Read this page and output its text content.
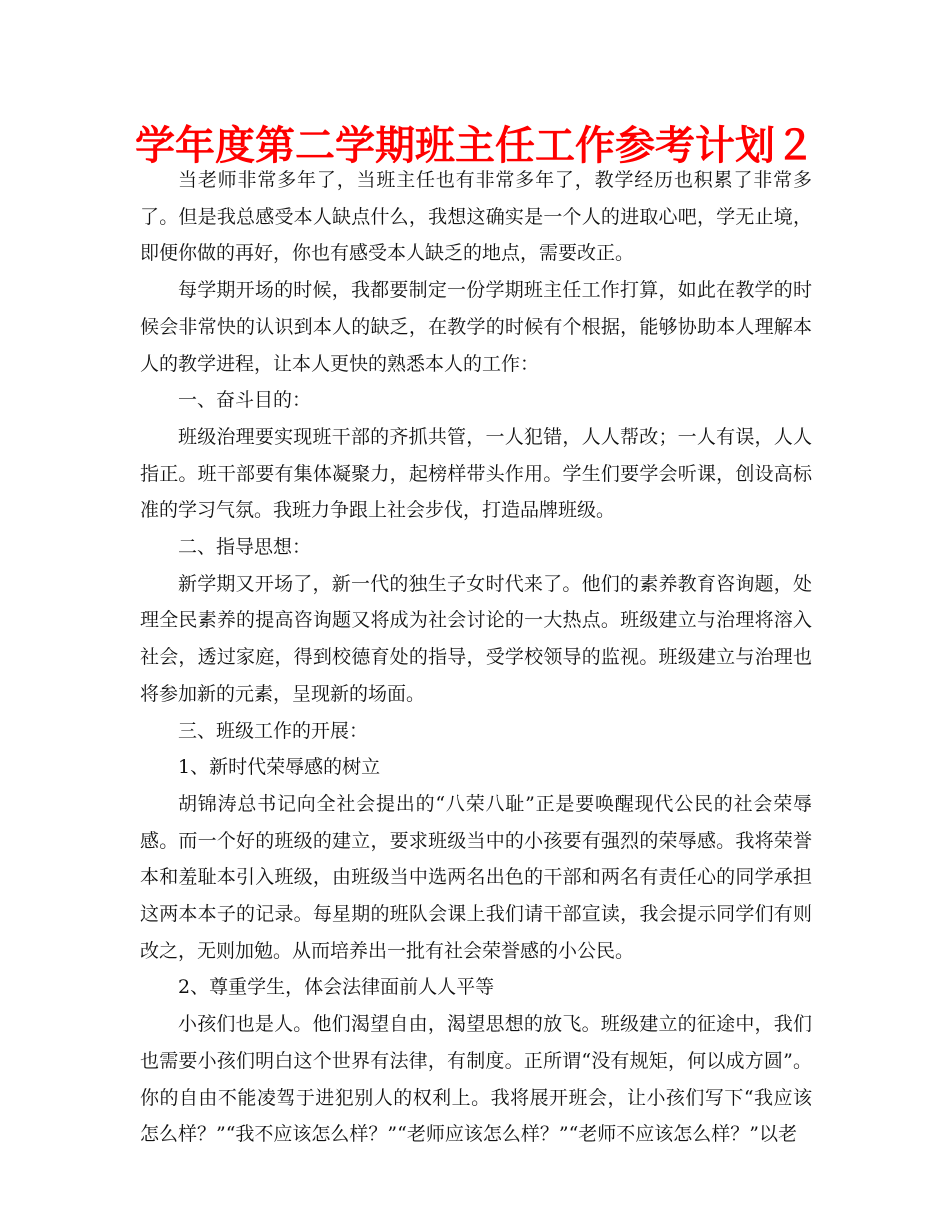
学年度第二学期班主任工作参考计划２

当老师非常多年了，当班主任也有非常多年了，教学经历也积累了非常多了。但是我总感受本人缺点什么，我想这确实是一个人的进取心吧，学无止境，即便你做的再好，你也有感受本人缺乏的地点，需要改正。

每学期开场的时候，我都要制定一份学期班主任工作打算，如此在教学的时候会非常快的认识到本人的缺乏，在教学的时候有个根据，能够协助本人理解本人的教学进程，让本人更快的熟悉本人的工作：

一、奋斗目的：

班级治理要实现班干部的齐抓共管，一人犯错，人人帮改；一人有误，人人指正。班干部要有集体凝聚力，起榜样带头作用。学生们要学会听课，创设高标准的学习气氛。我班力争跟上社会步伐，打造品牌班级。

二、指导思想：

新学期又开场了，新一代的独生子女时代来了。他们的素养教育咨询题，处理全民素养的提高咨询题又将成为社会讨论的一大热点。班级建立与治理将溶入社会，透过家庭，得到校德育处的指导，受学校领导的监视。班级建立与治理也将参加新的元素，呈现新的场面。

三、班级工作的开展：

1、新时代荣辱感的树立

胡锦涛总书记向全社会提出的“八荣八耻”正是要唤醒现代公民的社会荣辱感。而一个好的班级的建立，要求班级当中的小孩要有强烈的荣辱感。我将荣誉本和羞耻本引入班级，由班级当中选两名出色的干部和两名有责任心的同学承担这两本本子的记录。每星期的班队会课上我们请干部宣读，我会提示同学们有则改之，无则加勉。从而培养出一批有社会荣誉感的小公民。

2、尊重学生，体会法律面前人人平等

小孩们也是人。他们渴望自由，渴望思想的放飞。班级建立的征途中，我们也需要小孩们明白这个世界有法律，有制度。正所谓“没有规矩，何以成方圆”。你的自由不能凌驾于进犯别人的权利上。我将展开班会，让小孩们写下“我应该怎么样？”“我不应该怎么样？”“老师应该怎么样？”“老师不应该怎么样？”以老
